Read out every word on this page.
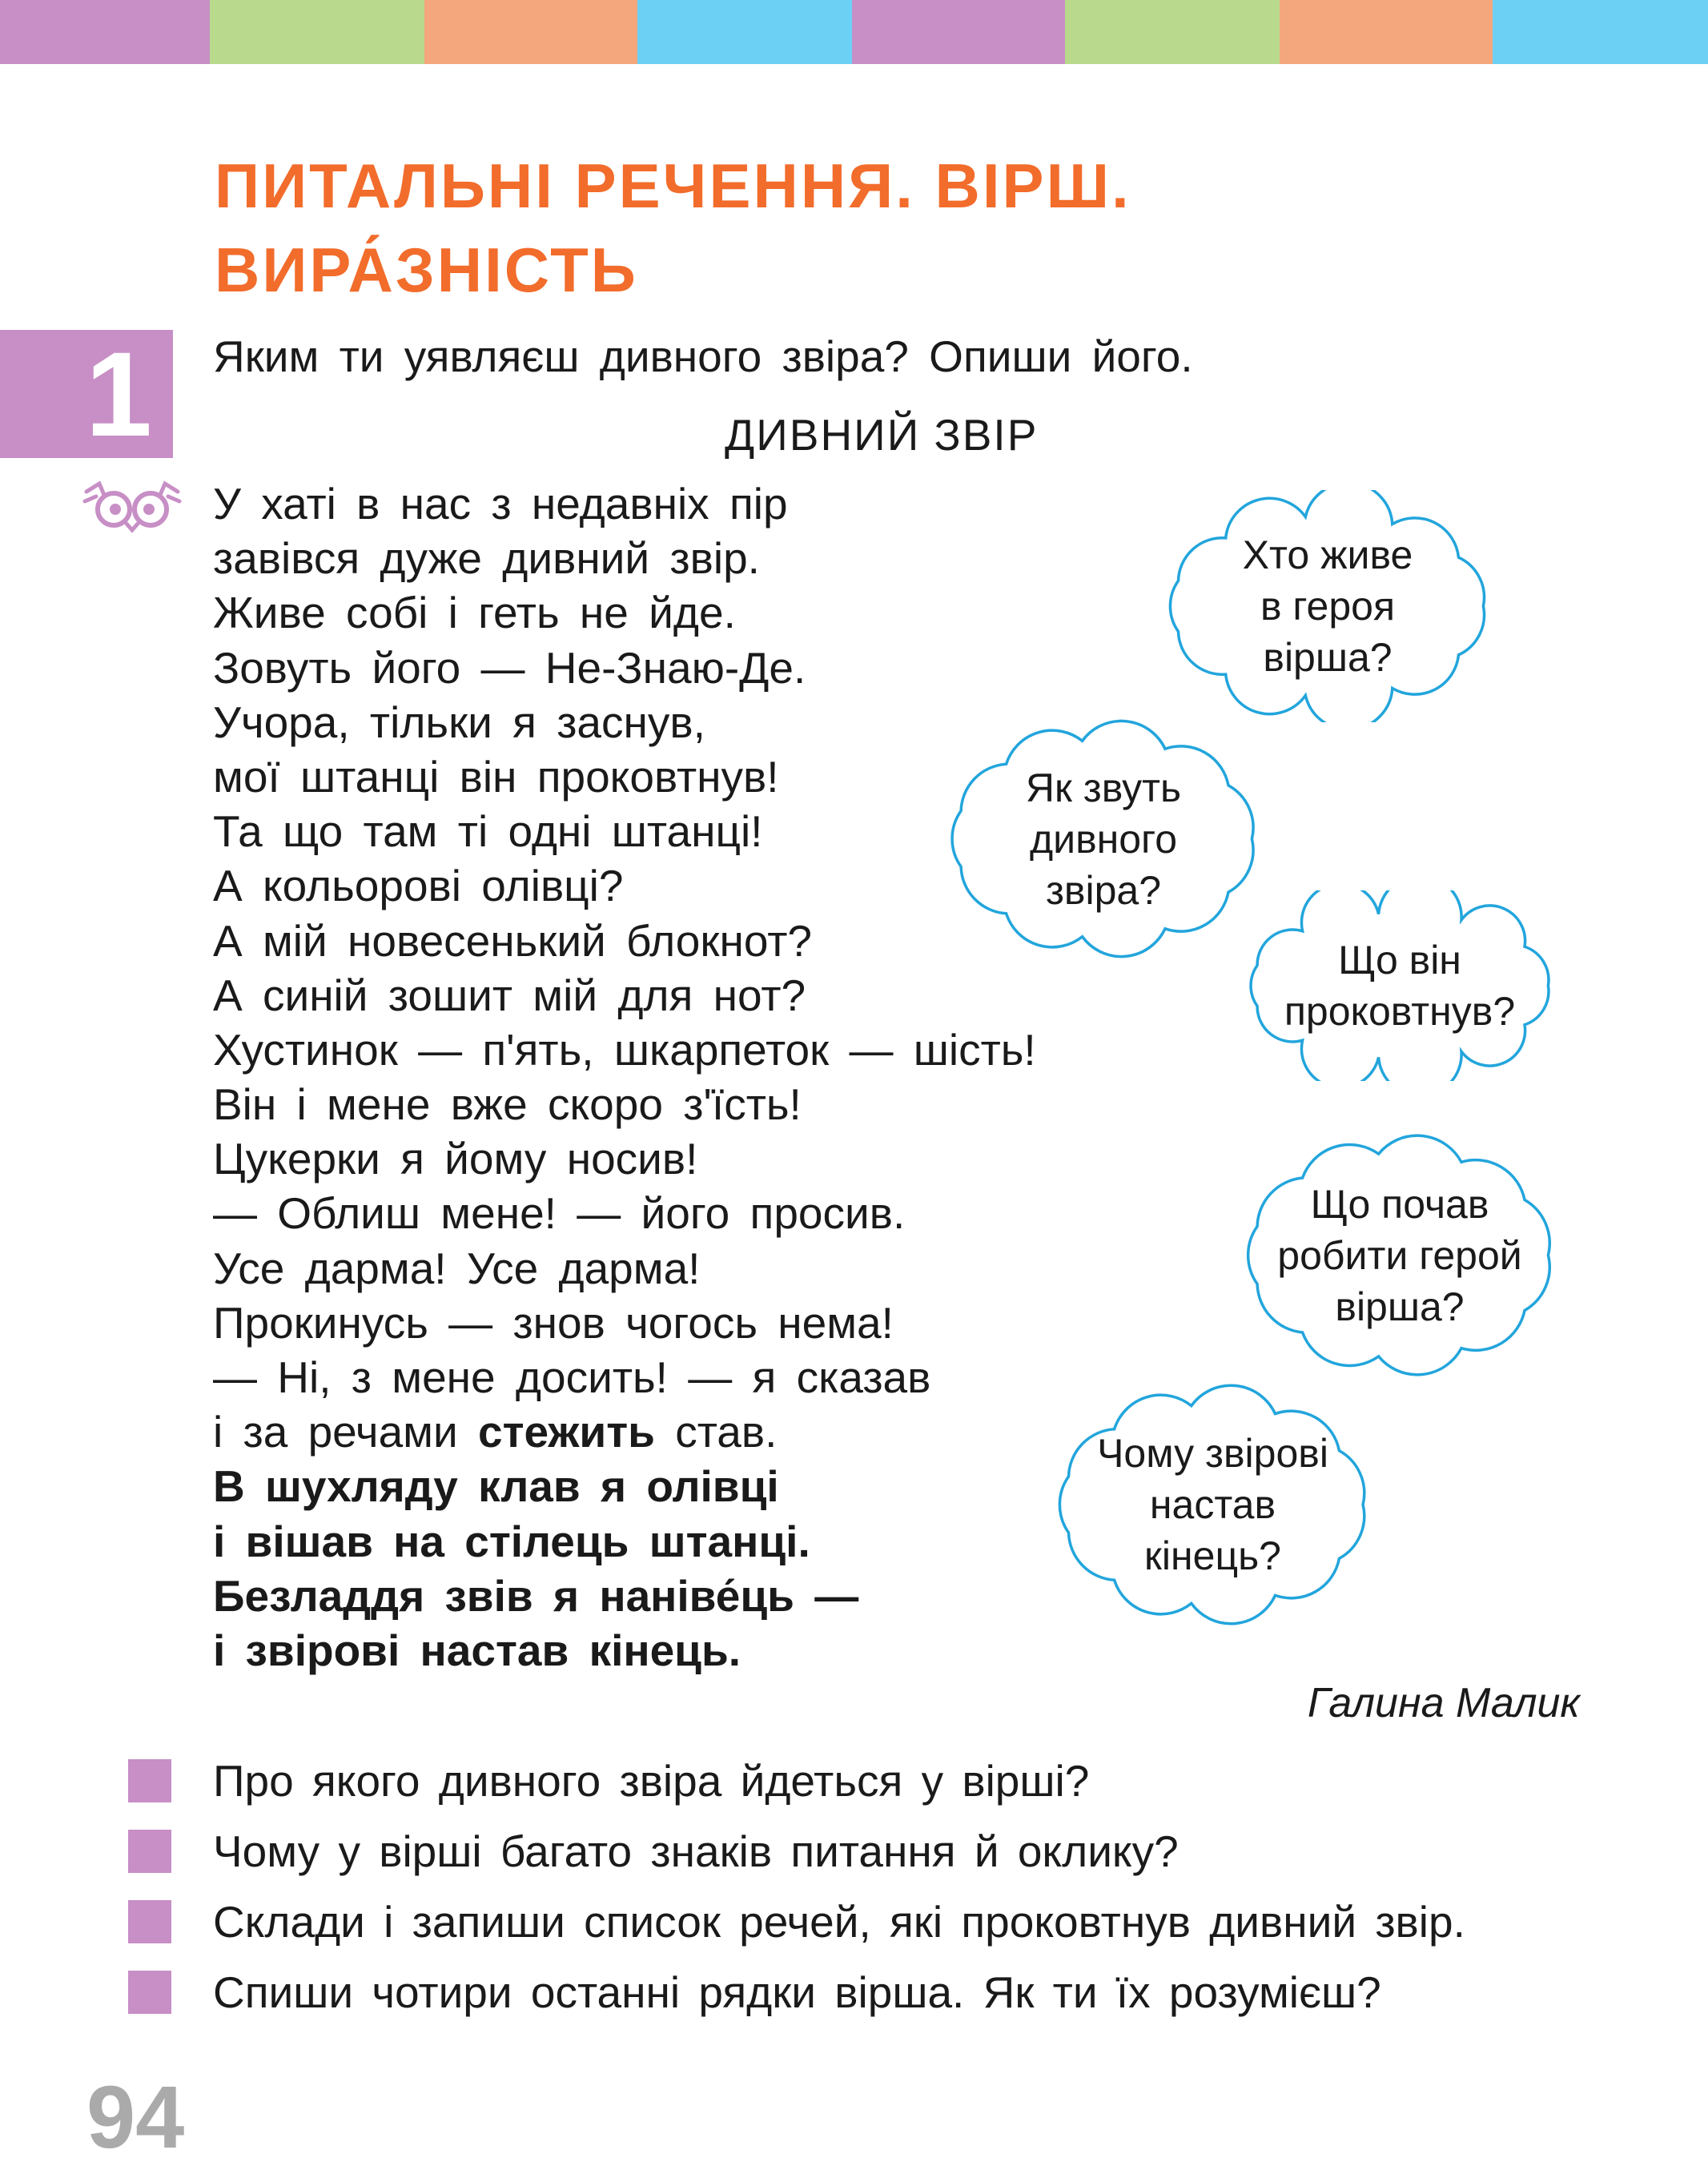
ПИТАЛЬНІ РЕЧЕННЯ. ВІРШ.
ВИРА́ЗНІСТЬ
1	Яким ти уявляєш дивного звіра? Опиши його.
ДИВНИЙ ЗВІР
У хаті в нас з недавніх пір
завівся дуже дивний звір.
Живе собі і геть не йде.
Зовуть його — Не-Знаю-Де.
Учора, тільки я заснув,
мої штанці він проковтнув!
Та що там ті одні штанці!
А кольорові олівці?
А мій новесенький блокнот?
А синій зошит мій для нот?
Хустинок — п'ять, шкарпеток — шість!
Він і мене вже скоро з'їсть!
Цукерки я йому носив!
— Облиш мене! — його просив.
Усе дарма! Усе дарма!
Прокинусь — знов чогось нема!
— Ні, з мене досить! — я сказав
і за речами стежить став.
В шухляду клав я олівці
і вішав на стілець штанці.
Безладдя звів я наніве́ць —
і звірові настав кінець.
Галина Малик
Хто живе
в героя
вірша?
Як звуть
дивного
звіра?
Що він
проковтнув?
Що почав
робити герой
вірша?
Чому звірові
настав
кінець?
Про якого дивного звіра йдеться у вірші?
Чому у вірші багато знаків питання й оклику?
Склади і запиши список речей, які проковтнув дивний звір.
Спиши чотири останні рядки вірша. Як ти їх розумієш?
94
